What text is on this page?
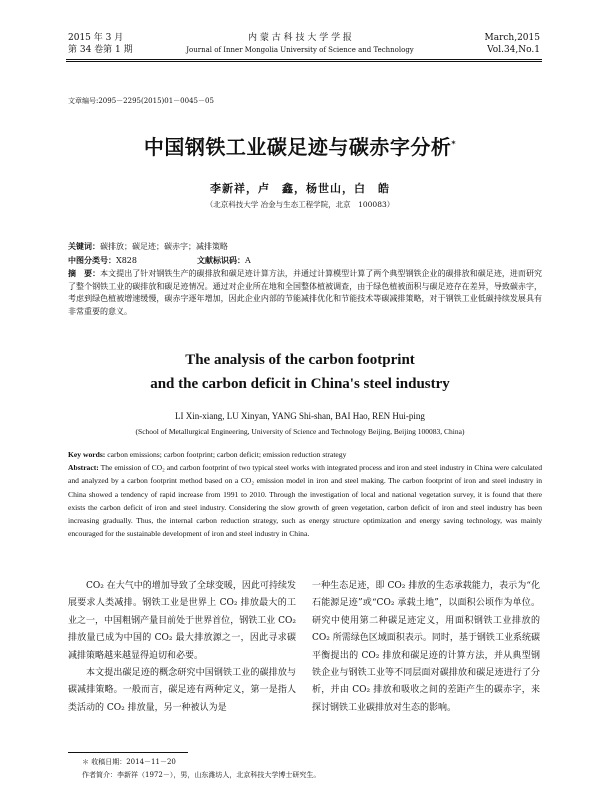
2015 年 3 月
第 34 卷第 1 期
内 蒙 古 科 技 大 学 学 报
Journal of Inner Mongolia University of Science and Technology
March,2015
Vol.34,No.1
文章编号:2095－2295(2015)01－0045－05
中国钢铁工业碳足迹与碳赤字分析*
李新祥，卢　鑫，杨世山，白　皓
（北京科技大学 冶金与生态工程学院，北京　100083）
关键词：碳排放；碳足迹；碳赤字；减排策略
中图分类号：X828	文献标识码：A
摘　要：本文提出了针对钢铁生产的碳排放和碳足迹计算方法，并通过计算模型计算了两个典型钢铁企业的碳排放和碳足迹，进而研究了整个钢铁工业的碳排放和碳足迹情况。通过对企业所在地和全国整体植被调查，由于绿色植被面积与碳足迹存在差异，导致碳赤字，考虑到绿色植被增速缓慢，碳赤字逐年增加，因此企业内部的节能减排优化和节能技术等碳减排策略，对于钢铁工业低碳持续发展具有非常重要的意义。
The analysis of the carbon footprint
and the carbon deficit in China's steel industry
LI Xin-xiang, LU Xinyan, YANG Shi-shan, BAI Hao, REN Hui-ping
(School of Metallurgical Engineering, University of Science and Technology Beijing, Beijing 100083, China)
Key words: carbon emissions; carbon footprint; carbon deficit; emission reduction strategy

Abstract: The emission of CO₂ and carbon footprint of two typical steel works with integrated process and iron and steel industry in China were calculated and analyzed by a carbon footprint method based on a CO₂ emission model in iron and steel making. The carbon footprint of iron and steel industry in China showed a tendency of rapid increase from 1991 to 2010. Through the investigation of local and national vegetation survey, it is found that there exists the carbon deficit of iron and steel industry. Considering the slow growth of green vegetation, carbon deficit of iron and steel industry has been increasing gradually. Thus, the internal carbon reduction strategy, such as energy structure optimization and energy saving technology, was mainly encouraged for the sustainable development of iron and steel industry in China.

CO₂ 在大气中的增加导致了全球变暖，因此可持续发展要求人类减排。钢铁工业是世界上 CO₂ 排放最大的工业之一，中国粗钢产量目前处于世界首位，钢铁工业 CO₂ 排放量已成为中国的 CO₂ 最大排放源之一，因此寻求碳减排策略越来越显得迫切和必要。

本文提出碳足迹的概念研究中国钢铁工业的碳排放与碳减排策略。一般而言，碳足迹有两种定义，第一是指人类活动的 CO₂ 排放量，另一种被认为是

一种生态足迹，即 CO₂ 排放的生态承载能力，表示为“化石能源足迹”或“CO₂ 承载土地”，以面积公顷作为单位。研究中使用第二种碳足迹定义，用面积钢铁工业排放的 CO₂ 所需绿色区域面积表示。同时，基于钢铁工业系统碳平衡提出的 CO₂ 排放和碳足迹的计算方法，并从典型钢铁企业与钢铁工业等不同层面对碳排放和碳足迹进行了分析，并由 CO₂ 排放和吸收之间的差距产生的碳赤字，来探讨钢铁工业碳排放对生态的影响。

＊ 收稿日期：2014－11－20
作者简介：李新祥（1972－），男，山东潍坊人，北京科技大学博士研究生。
